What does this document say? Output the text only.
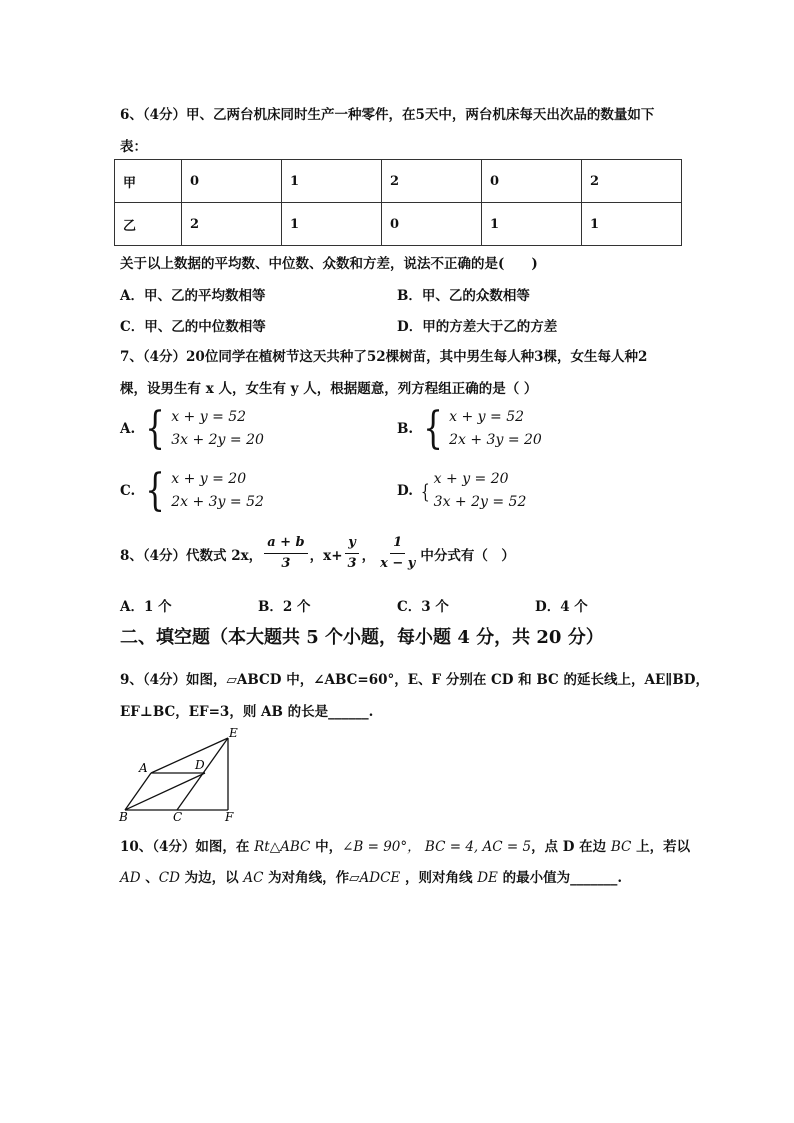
6、（4分）甲、乙两台机床同时生产一种零件，在5天中，两台机床每天出次品的数量如下
表：
甲	0	1	2	0	2
乙	2	1	0	1	1
关于以上数据的平均数、中位数、众数和方差，说法不正确的是(　　)
A．甲、乙的平均数相等	B．甲、乙的众数相等
C．甲、乙的中位数相等	D．甲的方差大于乙的方差
7、（4分）20位同学在植树节这天共种了52棵树苗，其中男生每人种3棵，女生每人种2
棵，设男生有 x 人，女生有 y 人，根据题意，列方程组正确的是（ ）
A. { x + y = 52
3x + 2y = 20
B. { x + y = 52
2x + 3y = 20
C. { x + y = 20
2x + 3y = 52
D. { x + y = 20
3x + 2y = 52
8、（4分）代数式 2x， $\frac{a + b}{3}$ ，$x+ \frac{y}{3}$ ， $\frac{1}{x - y}$ 中分式有（　）
A．1 个	B．2 个	C．3 个	D．4 个
二、填空题（本大题共 5 个小题，每小题 4 分，共 20 分）
9、（4分）如图，▱ABCD 中，∠ABC=60°，E、F 分别在 CD 和 BC 的延长线上，AE∥BD，
EF⊥BC，EF=3，则 AB 的长是______.
A
B	C
D
E
F
10、（4分）如图，在 Rt△ABC 中，∠B = 90°， BC = 4, AC = 5，点 D 在边 BC 上，若以
AD 、CD 为边，以 AC 为对角线，作▱ADCE ，则对角线 DE 的最小值为_______.
